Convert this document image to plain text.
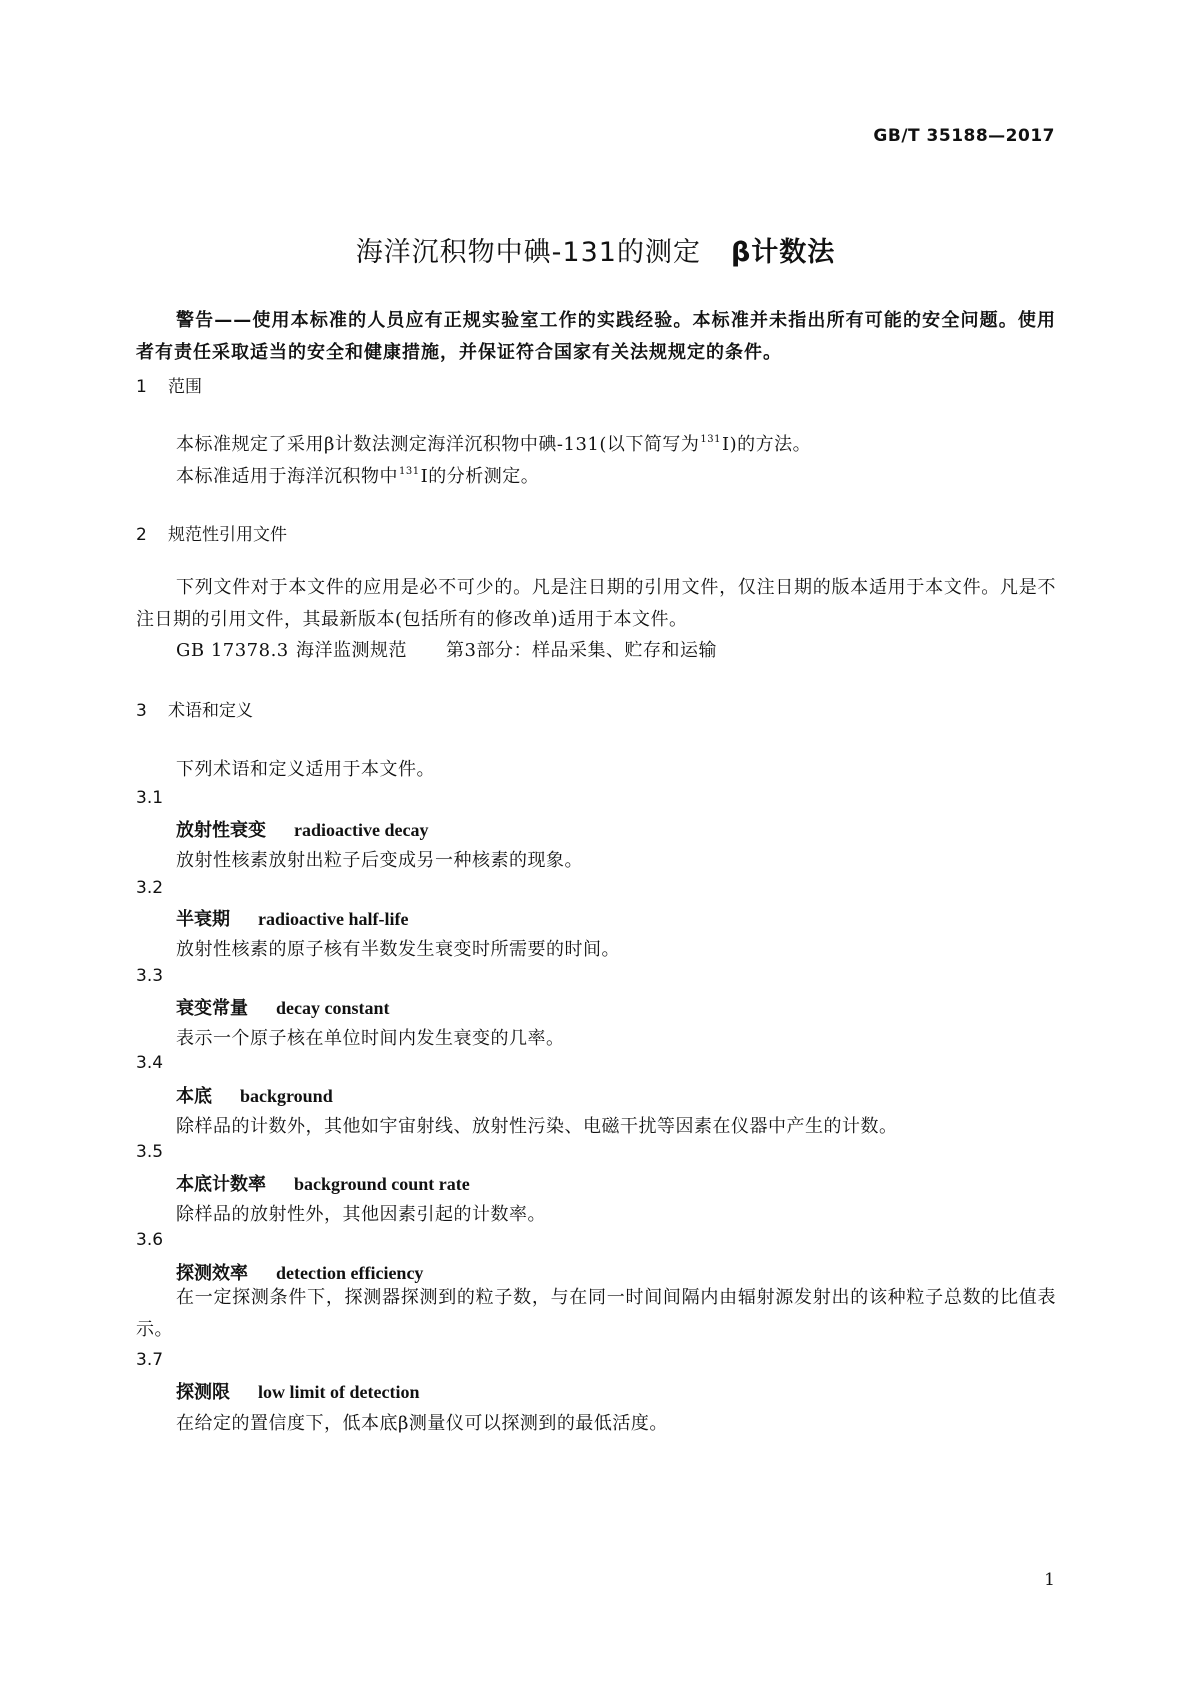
GB/T 35188—2017
海洋沉积物中碘-131的测定 β计数法
警告——使用本标准的人员应有正规实验室工作的实践经验。本标准并未指出所有可能的安全问题。使用者有责任采取适当的安全和健康措施，并保证符合国家有关法规规定的条件。
1 范围
本标准规定了采用β计数法测定海洋沉积物中碘-131(以下简写为$^{131}$I)的方法。
本标准适用于海洋沉积物中$^{131}$I的分析测定。
2 规范性引用文件
下列文件对于本文件的应用是必不可少的。凡是注日期的引用文件，仅注日期的版本适用于本文件。凡是不注日期的引用文件，其最新版本(包括所有的修改单)适用于本文件。
GB 17378.3 海洋监测规范 第3部分：样品采集、贮存和运输
3 术语和定义
下列术语和定义适用于本文件。
3.1
放射性衰变 radioactive decay
放射性核素放射出粒子后变成另一种核素的现象。
3.2
半衰期 radioactive half-life
放射性核素的原子核有半数发生衰变时所需要的时间。
3.3
衰变常量 decay constant
表示一个原子核在单位时间内发生衰变的几率。
3.4
本底 background
除样品的计数外，其他如宇宙射线、放射性污染、电磁干扰等因素在仪器中产生的计数。
3.5
本底计数率 background count rate
除样品的放射性外，其他因素引起的计数率。
3.6
探测效率 detection efficiency
在一定探测条件下，探测器探测到的粒子数，与在同一时间间隔内由辐射源发射出的该种粒子总数的比值表示。
3.7
探测限 low limit of detection
在给定的置信度下，低本底β测量仪可以探测到的最低活度。
1
